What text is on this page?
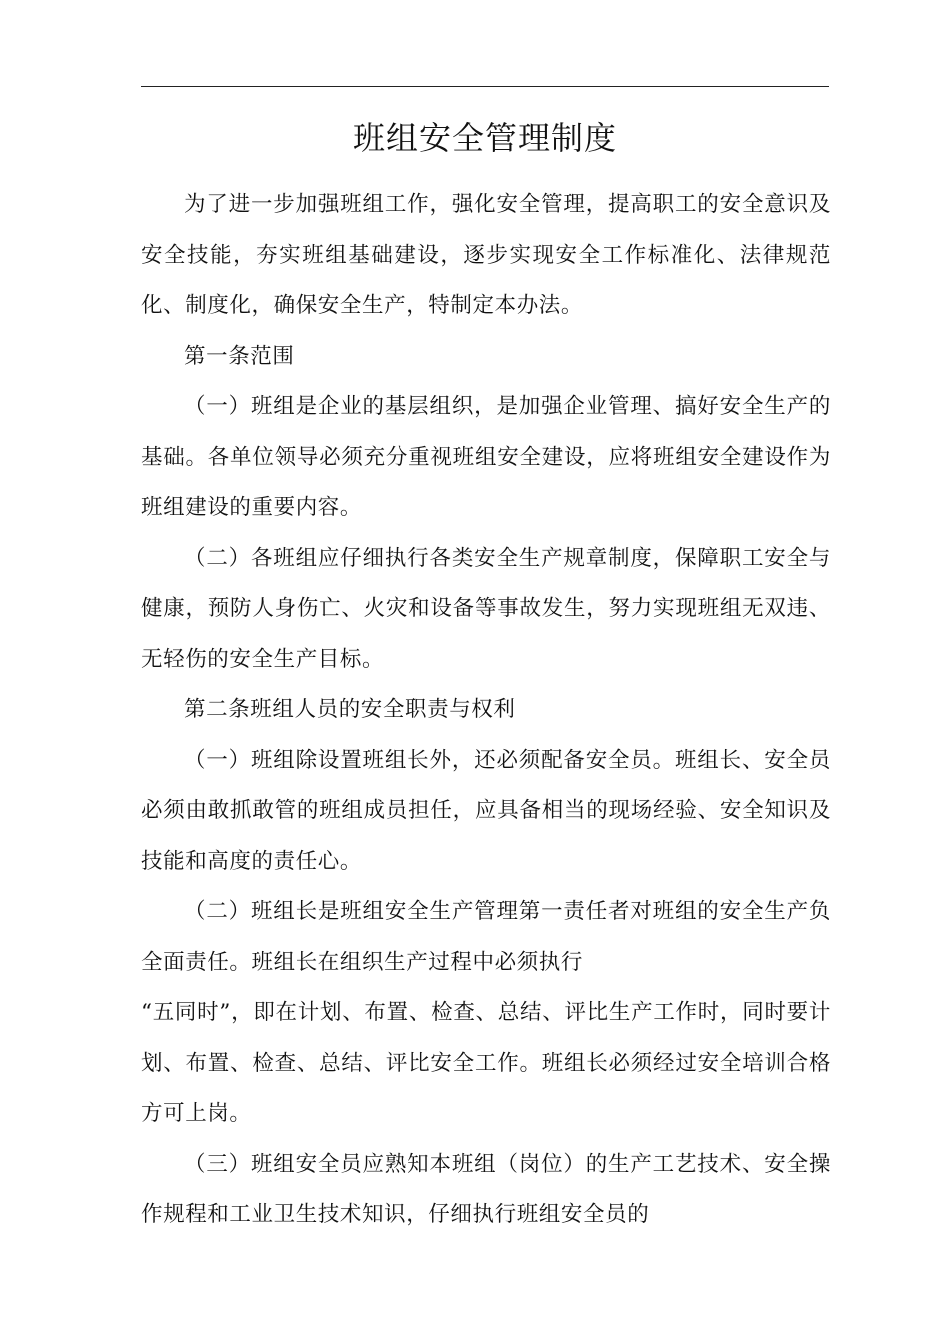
班组安全管理制度

为了进一步加强班组工作，强化安全管理，提高职工的安全意识及安全技能，夯实班组基础建设，逐步实现安全工作标准化、法律规范化、制度化，确保安全生产，特制定本办法。

第一条范围

（一）班组是企业的基层组织，是加强企业管理、搞好安全生产的基础。各单位领导必须充分重视班组安全建设，应将班组安全建设作为班组建设的重要内容。

（二）各班组应仔细执行各类安全生产规章制度，保障职工安全与健康，预防人身伤亡、火灾和设备等事故发生，努力实现班组无双违、无轻伤的安全生产目标。

第二条班组人员的安全职责与权利

（一）班组除设置班组长外，还必须配备安全员。班组长、安全员必须由敢抓敢管的班组成员担任，应具备相当的现场经验、安全知识及技能和高度的责任心。

（二）班组长是班组安全生产管理第一责任者对班组的安全生产负全面责任。班组长在组织生产过程中必须执行

“五同时”，即在计划、布置、检查、总结、评比生产工作时，同时要计划、布置、检查、总结、评比安全工作。班组长必须经过安全培训合格方可上岗。

（三）班组安全员应熟知本班组（岗位）的生产工艺技术、安全操作规程和工业卫生技术知识，仔细执行班组安全员的
